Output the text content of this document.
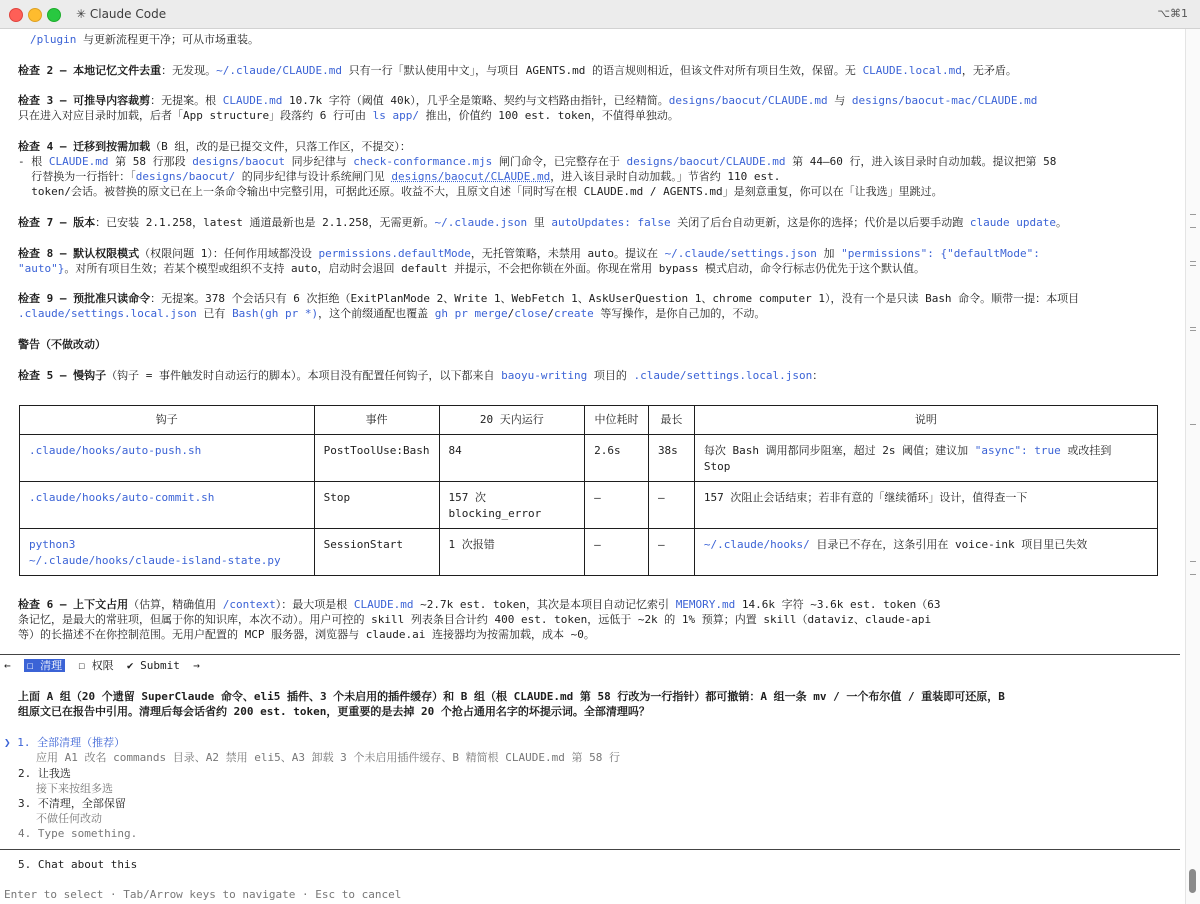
✳ Claude Code	⌥⌘1
/plugin 与更新流程更干净；可从市场重装。
检查 2 – 本地记忆文件去重：无发现。~/.claude/CLAUDE.md 只有一行「默认使用中文」，与项目 AGENTS.md 的语言规则相近，但该文件对所有项目生效，保留。无 CLAUDE.local.md，无矛盾。
检查 3 – 可推导内容裁剪：无提案。根 CLAUDE.md 10.7k 字符（阈值 40k），几乎全是策略、契约与文档路由指针，已经精简。designs/baocut/CLAUDE.md 与 designs/baocut-mac/CLAUDE.md
只在进入对应目录时加载，后者「App structure」段落约 6 行可由 ls app/ 推出，价值约 100 est. token，不值得单独动。
检查 4 – 迁移到按需加载（B 组，改的是已提交文件，只落工作区，不提交）：
- 根 CLAUDE.md 第 58 行那段 designs/baocut 同步纪律与 check-conformance.mjs 闸门命令，已完整存在于 designs/baocut/CLAUDE.md 第 44–60 行，进入该目录时自动加载。提议把第 58
行替换为一行指针：「designs/baocut/ 的同步纪律与设计系统闸门见 designs/baocut/CLAUDE.md，进入该目录时自动加载。」节省约 110 est.
token/会话。被替换的原文已在上一条命令输出中完整引用，可据此还原。收益不大，且原文自述「同时写在根 CLAUDE.md / AGENTS.md」是刻意重复，你可以在「让我选」里跳过。
检查 7 – 版本：已安装 2.1.258，latest 通道最新也是 2.1.258，无需更新。~/.claude.json 里 autoUpdates: false 关闭了后台自动更新，这是你的选择；代价是以后要手动跑 claude update。
检查 8 – 默认权限模式（权限问题 1）：任何作用域都没设 permissions.defaultMode，无托管策略，未禁用 auto。提议在 ~/.claude/settings.json 加 "permissions": {"defaultMode":
"auto"}。对所有项目生效；若某个模型或组织不支持 auto，启动时会退回 default 并提示，不会把你锁在外面。你现在常用 bypass 模式启动，命令行标志仍优先于这个默认值。
检查 9 – 预批准只读命令：无提案。378 个会话只有 6 次拒绝（ExitPlanMode 2、Write 1、WebFetch 1、AskUserQuestion 1、chrome computer 1），没有一个是只读 Bash 命令。顺带一提：本项目
.claude/settings.local.json 已有 Bash(gh pr *)，这个前缀通配也覆盖 gh pr merge/close/create 等写操作，是你自己加的，不动。
警告（不做改动）
检查 5 – 慢钩子（钩子 = 事件触发时自动运行的脚本）。本项目没有配置任何钩子，以下都来自 baoyu-writing 项目的 .claude/settings.local.json：
钩子	事件	20 天内运行	中位耗时	最长	说明
.claude/hooks/auto-push.sh	PostToolUse:Bash	84	2.6s	38s	每次 Bash 调用都同步阻塞，超过 2s 阈值；建议加 "async": true 或改挂到
Stop
.claude/hooks/auto-commit.sh	Stop	157 次
blocking_error	–	–	157 次阻止会话结束；若非有意的「继续循环」设计，值得查一下
python3
~/.claude/hooks/claude-island-state.py	SessionStart	1 次报错	–	–	~/.claude/hooks/ 目录已不存在，这条引用在 voice-ink 项目里已失效
检查 6 – 上下文占用（估算，精确值用 /context）：最大项是根 CLAUDE.md ~2.7k est. token，其次是本项目自动记忆索引 MEMORY.md 14.6k 字符 ~3.6k est. token（63
条记忆，是最大的常驻项，但属于你的知识库，本次不动）。用户可控的 skill 列表条目合计约 400 est. token，远低于 ~2k 的 1% 预算；内置 skill（dataviz、claude-api
等）的长描述不在你控制范围。无用户配置的 MCP 服务器，浏览器与 claude.ai 连接器均为按需加载，成本 ~0。
← ☐ 清理 ☐ 权限 ✔ Submit →
上面 A 组（20 个遗留 SuperClaude 命令、eli5 插件、3 个未启用的插件缓存）和 B 组（根 CLAUDE.md 第 58 行改为一行指针）都可撤销：A 组一条 mv / 一个布尔值 / 重装即可还原，B
组原文已在报告中引用。清理后每会话省约 200 est. token，更重要的是去掉 20 个抢占通用名字的坏提示词。全部清理吗？
❯ 1. 全部清理（推荐）
应用 A1 改名 commands 目录、A2 禁用 eli5、A3 卸载 3 个未启用插件缓存、B 精简根 CLAUDE.md 第 58 行
2. 让我选
接下来按组多选
3. 不清理，全部保留
不做任何改动
4. Type something.
5. Chat about this
Enter to select · Tab/Arrow keys to navigate · Esc to cancel
